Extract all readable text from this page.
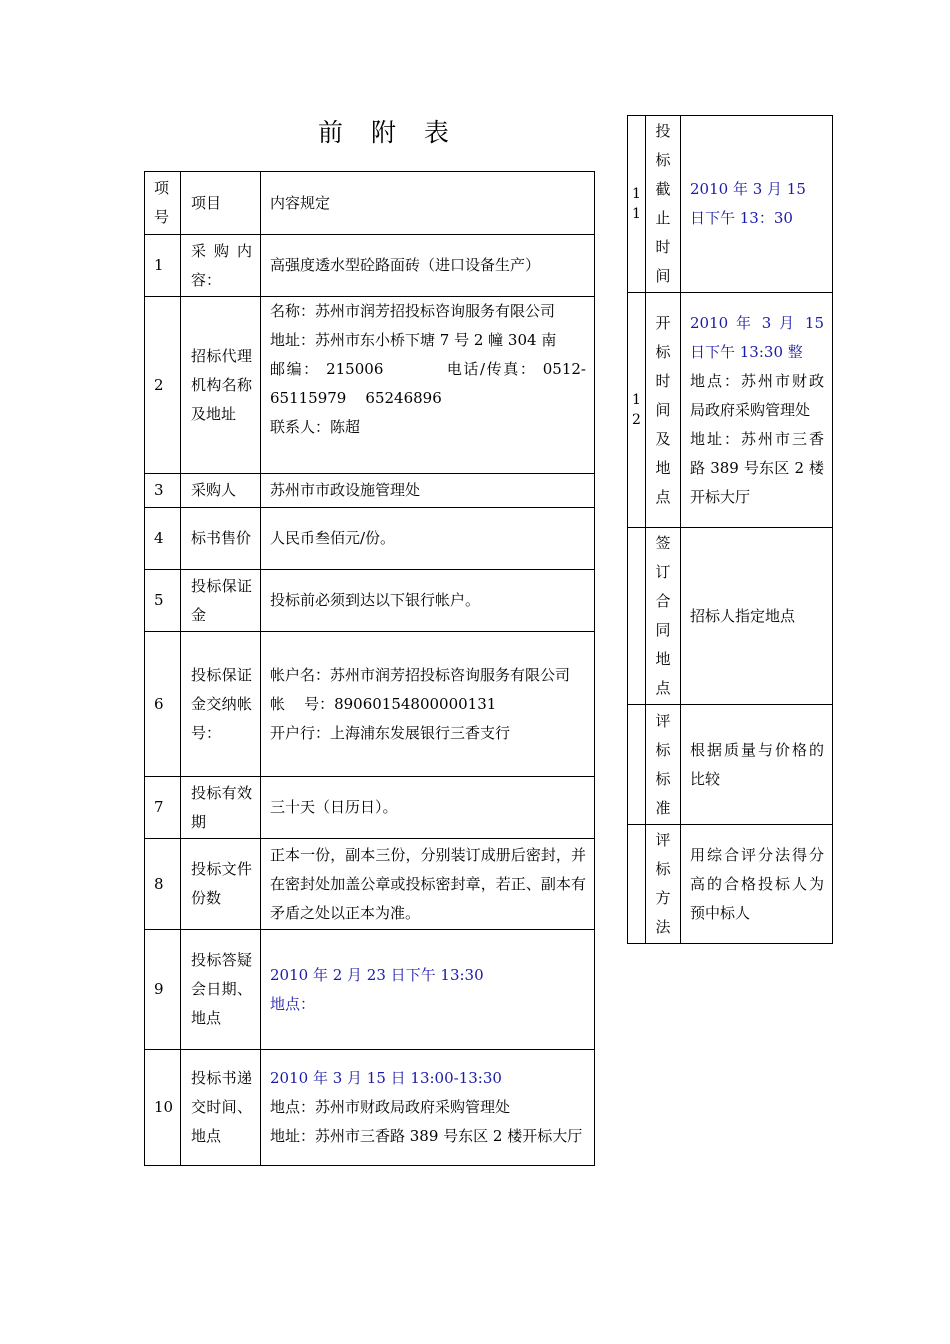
前 附 表
项号	项目	内容规定
1	采购内容：	高强度透水型砼路面砖（进口设备生产）

2	招标代理机构名称及地址	名称：苏州市润芳招投标咨询服务有限公司
地址：苏州市东小桥下塘 7 号 2 幢 304 南
邮编： 215006          电话/传真： 0512-65115979    65246896
联系人：陈超

3	采购人	苏州市市政设施管理处

4	标书售价	人民币叁佰元/份。

5	投标保证金	投标前必须到达以下银行帐户。

6	投标保证金交纳帐号：	帐户名：苏州市润芳招投标咨询服务有限公司
帐    号：89060154800000131
开户行：上海浦东发展银行三香支行

7	投标有效期	三十天（日历日）。

8	投标文件份数	正本一份，副本三份，分别装订成册后密封，并在密封处加盖公章或投标密封章，若正、副本有矛盾之处以正本为准。

9	投标答疑会日期、地点	2010 年 2 月 23 日下午 13:30
地点：

10	投标书递交时间、地点	2010 年 3 月 15 日 13:00-13:30
地点：苏州市财政局政府采购管理处
地址：苏州市三香路 389 号东区 2 楼开标大厅
11	投标截止时间	2010 年 3 月 15 日下午 13：30

12	开标时间及地点	2010 年 3 月 15 日下午 13:30 整
地点：苏州市财政局政府采购管理处
地址：苏州市三香路 389 号东区 2 楼开标大厅

	签订合同地点	招标人指定地点

	评标标准	根据质量与价格的比较

	评标方法	用综合评分法得分高的合格投标人为预中标人
